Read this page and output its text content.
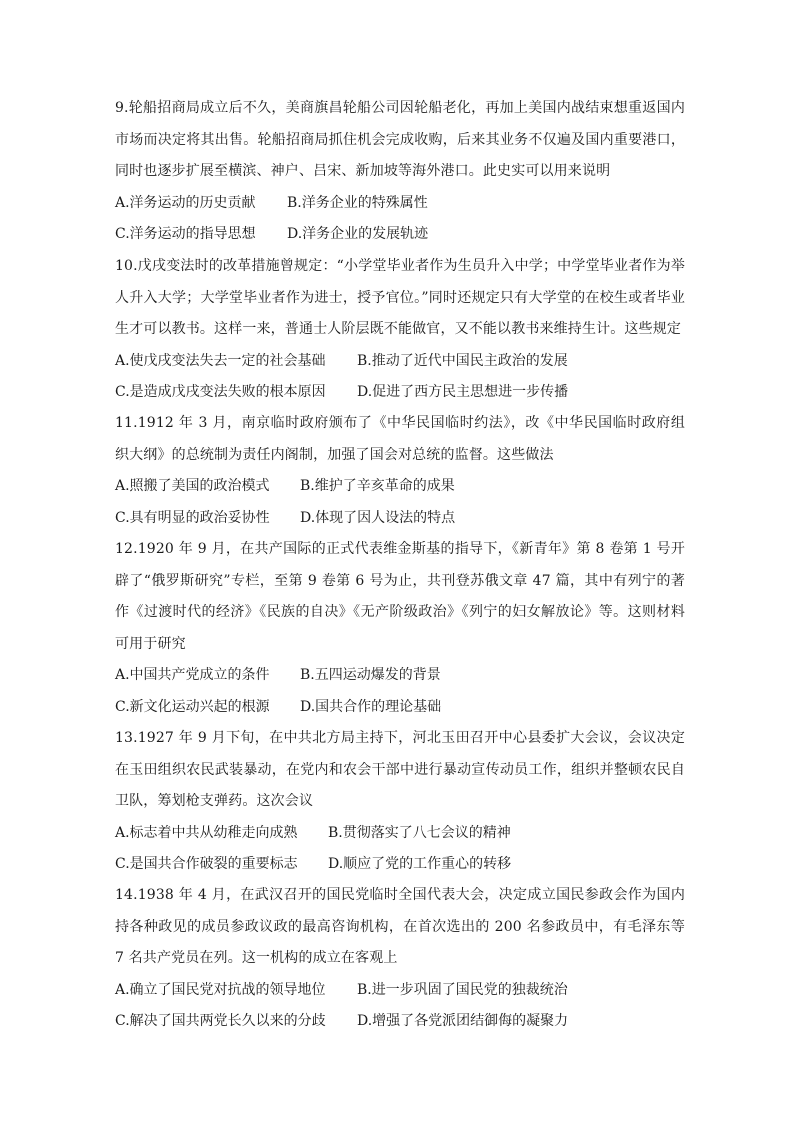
9.轮船招商局成立后不久，美商旗昌轮船公司因轮船老化，再加上美国内战结束想重返国内市场而决定将其出售。轮船招商局抓住机会完成收购，后来其业务不仅遍及国内重要港口，同时也逐步扩展至横滨、神户、吕宋、新加坡等海外港口。此史实可以用来说明

A.洋务运动的历史贡献 B.洋务企业的特殊属性
C.洋务运动的指导思想 D.洋务企业的发展轨迹

10.戊戌变法时的改革措施曾规定：“小学堂毕业者作为生员升入中学；中学堂毕业者作为举人升入大学；大学堂毕业者作为进士，授予官位。”同时还规定只有大学堂的在校生或者毕业生才可以教书。这样一来，普通士人阶层既不能做官，又不能以教书来维持生计。这些规定

A.使戊戌变法失去一定的社会基础 B.推动了近代中国民主政治的发展
C.是造成戊戌变法失败的根本原因 D.促进了西方民主思想进一步传播

11.1912 年 3 月，南京临时政府颁布了《中华民国临时约法》，改《中华民国临时政府组织大纲》的总统制为责任内阁制，加强了国会对总统的监督。这些做法

A.照搬了美国的政治模式 B.维护了辛亥革命的成果
C.具有明显的政治妥协性 D.体现了因人设法的特点

12.1920 年 9 月，在共产国际的正式代表维金斯基的指导下，《新青年》第 8 卷第 1 号开辟了“俄罗斯研究”专栏，至第 9 卷第 6 号为止，共刊登苏俄文章 47 篇，其中有列宁的著作《过渡时代的经济》《民族的自决》《无产阶级政治》《列宁的妇女解放论》等。这则材料可用于研究

A.中国共产党成立的条件 B.五四运动爆发的背景
C.新文化运动兴起的根源 D.国共合作的理论基础

13.1927 年 9 月下旬，在中共北方局主持下，河北玉田召开中心县委扩大会议，会议决定在玉田组织农民武装暴动，在党内和农会干部中进行暴动宣传动员工作，组织并整顿农民自卫队，筹划枪支弹药。这次会议

A.标志着中共从幼稚走向成熟 B.贯彻落实了八七会议的精神
C.是国共合作破裂的重要标志 D.顺应了党的工作重心的转移

14.1938 年 4 月，在武汉召开的国民党临时全国代表大会，决定成立国民参政会作为国内持各种政见的成员参政议政的最高咨询机构，在首次选出的 200 名参政员中，有毛泽东等 7 名共产党员在列。这一机构的成立在客观上

A.确立了国民党对抗战的领导地位 B.进一步巩固了国民党的独裁统治
C.解决了国共两党长久以来的分歧 D.增强了各党派团结御侮的凝聚力
